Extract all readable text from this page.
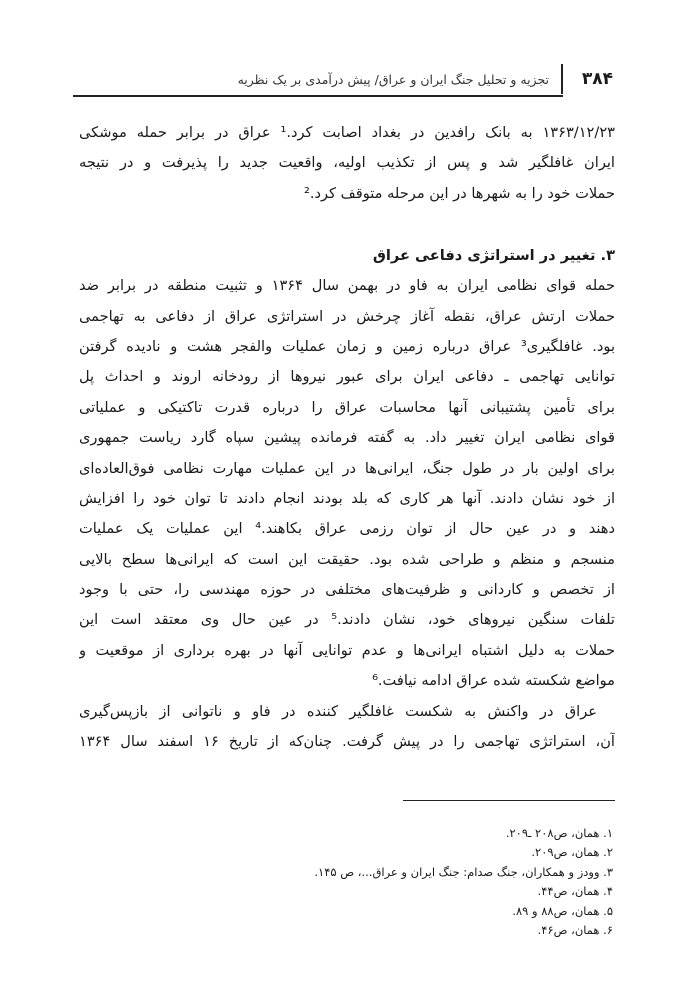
۳۸۴
تجزیه و تحلیل جنگ ایران و عراق/ پیش درآمدی بر یک نظریه
۱۳۶۳/۱۲/۲۳ به بانک رافدین در بغداد اصابت کرد.¹ عراق در برابر حمله موشکی
ایران غافلگیر شد و پس از تکذیب اولیه، واقعیت جدید را پذیرفت و در نتیجه
حملات خود را به شهرها در این مرحله متوقف کرد.²
۳. تغییر در استراتژی دفاعی عراق
حمله قوای نظامی ایران به فاو در بهمن سال ۱۳۶۴ و تثبیت منطقه در برابر ضد
حملات ارتش عراق، نقطه آغاز چرخش در استراتژی عراق از دفاعی به تهاجمی
بود. غافلگیری³ عراق درباره زمین و زمان عملیات والفجر هشت و نادیده گرفتن
توانایی تهاجمی ـ دفاعی ایران برای عبور نیروها از رودخانه اروند و احداث پل
برای تأمین پشتیبانی آنها محاسبات عراق را درباره قدرت تاکتیکی و عملیاتی
قوای نظامی ایران تغییر داد. به گفته فرمانده پیشین سپاه گارد ریاست جمهوری
برای اولین بار در طول جنگ، ایرانی‌ها در این عملیات مهارت نظامی فوق‌العاده‌ای
از خود نشان دادند. آنها هر کاری که بلد بودند انجام دادند تا توان خود را افزایش
دهند و در عین حال از توان رزمی عراق بکاهند.⁴ این عملیات یک عملیات
منسجم و منظم و طراحی شده بود. حقیقت این است که ایرانی‌ها سطح بالایی
از تخصص و کاردانی و ظرفیت‌های مختلفی در حوزه مهندسی را، حتی با وجود
تلفات سنگین نیروهای خود، نشان دادند.⁵ در عین حال وی معتقد است این
حملات به دلیل اشتباه ایرانی‌ها و عدم توانایی آنها در بهره برداری از موقعیت و
مواضع شکسته شده عراق ادامه نیافت.⁶
عراق در واکنش به شکست غافلگیر کننده در فاو و ناتوانی از بازپس‌گیری
آن، استراتژی تهاجمی را در پیش گرفت. چنان‌که از تاریخ ۱۶ اسفند سال ۱۳۶۴
۱. همان، ص۲۰۸ ـ۲۰۹.
۲. همان، ص۲۰۹.
۳. وودز و همکاران، جنگ صدام: جنگ ایران و عراق...، ص ۱۴۵.
۴. همان، ص۴۴.
۵. همان، ص۸۸ و ۸۹.
۶. همان، ص۴۶.
